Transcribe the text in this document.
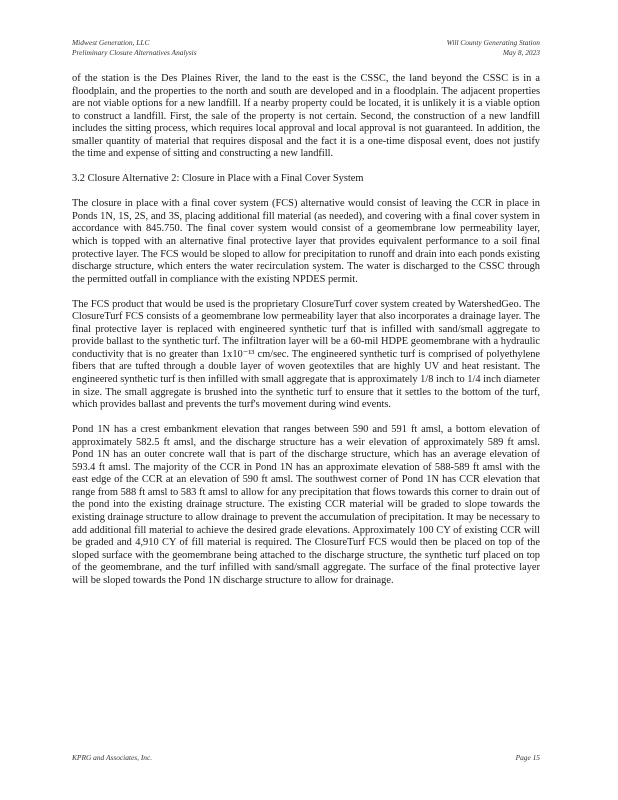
Midwest Generation, LLC
Preliminary Closure Alternatives Analysis
Will County Generating Station
May 8, 2023

of the station is the Des Plaines River, the land to the east is the CSSC, the land beyond the CSSC is in a floodplain, and the properties to the north and south are developed and in a floodplain. The adjacent properties are not viable options for a new landfill. If a nearby property could be located, it is unlikely it is a viable option to construct a landfill. First, the sale of the property is not certain. Second, the construction of a new landfill includes the sitting process, which requires local approval and local approval is not guaranteed. In addition, the smaller quantity of material that requires disposal and the fact it is a one-time disposal event, does not justify the time and expense of sitting and constructing a new landfill.

3.2 Closure Alternative 2: Closure in Place with a Final Cover System

The closure in place with a final cover system (FCS) alternative would consist of leaving the CCR in place in Ponds 1N, 1S, 2S, and 3S, placing additional fill material (as needed), and covering with a final cover system in accordance with 845.750. The final cover system would consist of a geomembrane low permeability layer, which is topped with an alternative final protective layer that provides equivalent performance to a soil final protective layer. The FCS would be sloped to allow for precipitation to runoff and drain into each ponds existing discharge structure, which enters the water recirculation system. The water is discharged to the CSSC through the permitted outfall in compliance with the existing NPDES permit.

The FCS product that would be used is the proprietary ClosureTurf cover system created by WatershedGeo. The ClosureTurf FCS consists of a geomembrane low permeability layer that also incorporates a drainage layer. The final protective layer is replaced with engineered synthetic turf that is infilled with sand/small aggregate to provide ballast to the synthetic turf. The infiltration layer will be a 60-mil HDPE geomembrane with a hydraulic conductivity that is no greater than 1x10⁻¹³ cm/sec. The engineered synthetic turf is comprised of polyethylene fibers that are tufted through a double layer of woven geotextiles that are highly UV and heat resistant. The engineered synthetic turf is then infilled with small aggregate that is approximately 1/8 inch to 1/4 inch diameter in size. The small aggregate is brushed into the synthetic turf to ensure that it settles to the bottom of the turf, which provides ballast and prevents the turf's movement during wind events.

Pond 1N has a crest embankment elevation that ranges between 590 and 591 ft amsl, a bottom elevation of approximately 582.5 ft amsl, and the discharge structure has a weir elevation of approximately 589 ft amsl. Pond 1N has an outer concrete wall that is part of the discharge structure, which has an average elevation of 593.4 ft amsl. The majority of the CCR in Pond 1N has an approximate elevation of 588-589 ft amsl with the east edge of the CCR at an elevation of 590 ft amsl. The southwest corner of Pond 1N has CCR elevation that range from 588 ft amsl to 583 ft amsl to allow for any precipitation that flows towards this corner to drain out of the pond into the existing drainage structure. The existing CCR material will be graded to slope towards the existing drainage structure to allow drainage to prevent the accumulation of precipitation. It may be necessary to add additional fill material to achieve the desired grade elevations. Approximately 100 CY of existing CCR will be graded and 4,910 CY of fill material is required. The ClosureTurf FCS would then be placed on top of the sloped surface with the geomembrane being attached to the discharge structure, the synthetic turf placed on top of the geomembrane, and the turf infilled with sand/small aggregate. The surface of the final protective layer will be sloped towards the Pond 1N discharge structure to allow for drainage.

KPRG and Associates, Inc.	Page 15
